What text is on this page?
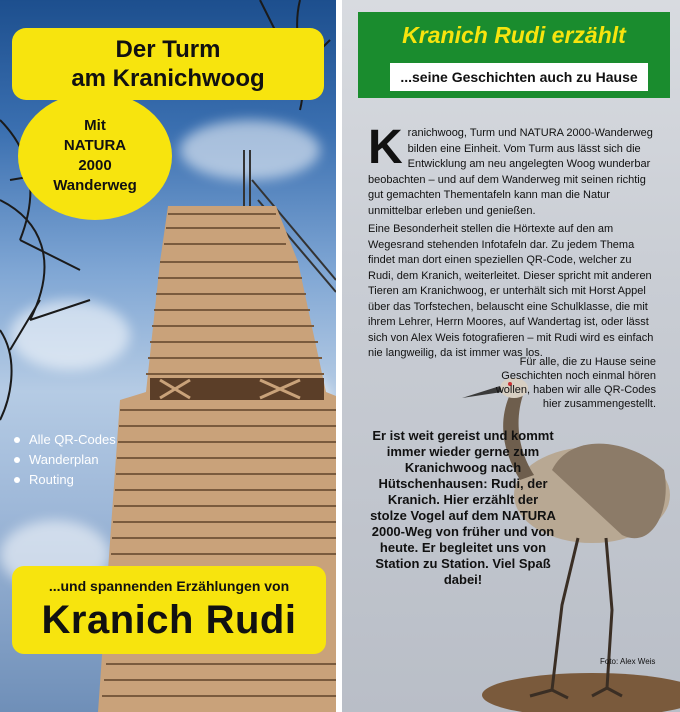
Der Turm
am Kranichwoog
Mit
NATURA
2000
Wanderweg
Alle QR-Codes
Wanderplan
Routing
...und spannenden Erzählungen von
Kranich Rudi
Kranich Rudi erzählt
...seine Geschichten auch zu Hause
Kranichwoog, Turm und NATURA 2000-Wanderweg bilden eine Einheit. Vom Turm aus lässt sich die Entwicklung am neu angelegten Woog wunderbar beobachten – und auf dem Wanderweg mit seinen richtig gut gemachten Thementafeln kann man die Natur unmittelbar erleben und genießen.
Eine Besonderheit stellen die Hörtexte auf den am Wegesrand stehenden Infotafeln dar. Zu jedem Thema findet man dort einen speziellen QR-Code, welcher zu Rudi, dem Kranich, weiterleitet. Dieser spricht mit anderen Tieren am Kranichwoog, er unterhält sich mit Horst Appel über das Torfstechen, belauscht eine Schulklasse, die mit ihrem Lehrer, Herrn Moores, auf Wandertag ist, oder lässt sich von Alex Weis fotografieren – mit Rudi wird es einfach nie langweilig, da ist immer was los.
Für alle, die zu Hause seine Geschichten noch einmal hören wollen, haben wir alle QR-Codes hier zusammengestellt.
Er ist weit gereist und kommt immer wieder gerne zum Kranichwoog nach Hütschenhausen: Rudi, der Kranich. Hier erzählt der stolze Vogel auf dem NATURA 2000-Weg von früher und von heute. Er begleitet uns von Station zu Station. Viel Spaß dabei!
Foto: Alex Weis
